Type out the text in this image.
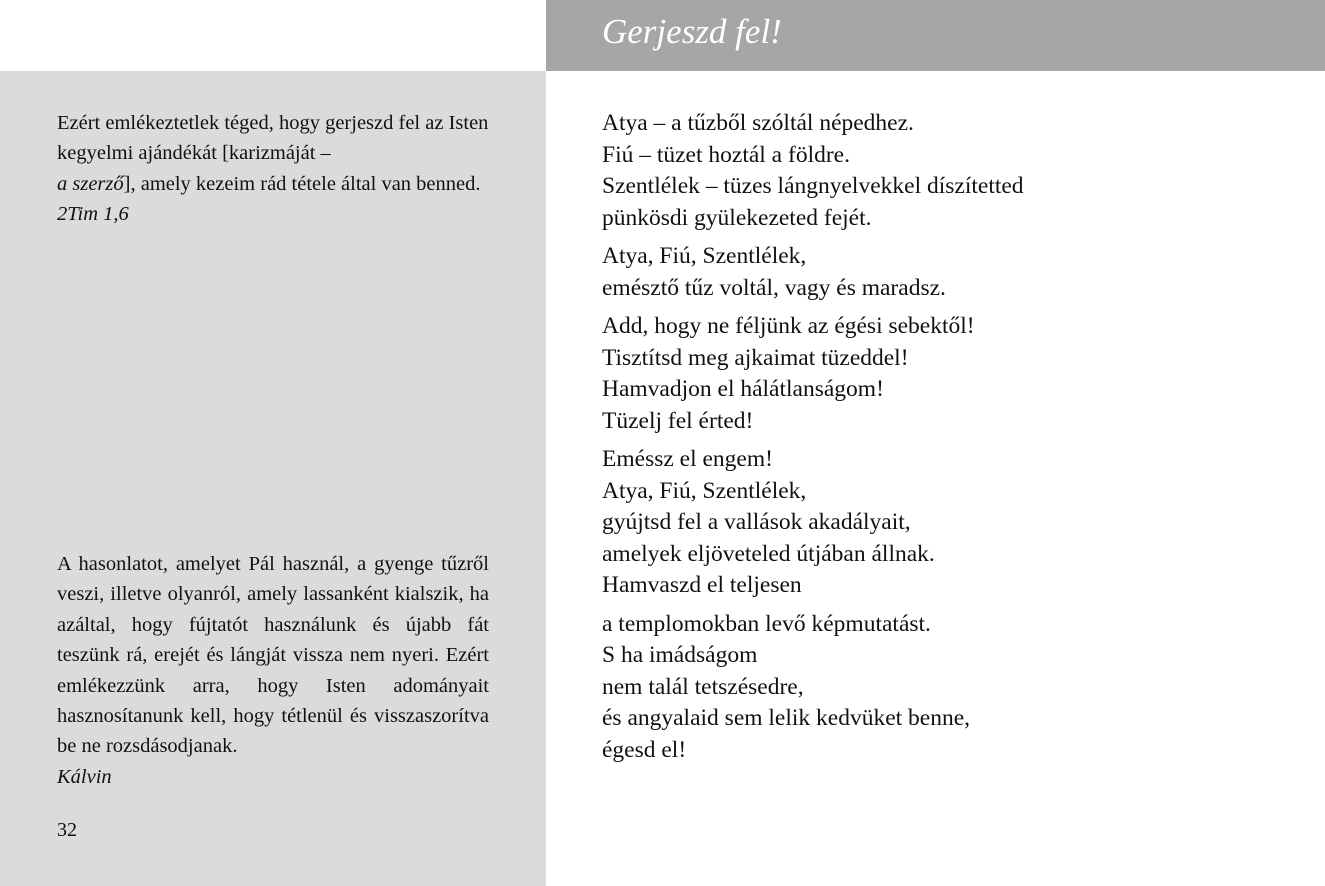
Gerjeszd fel!

Ezért emlékeztetlek téged, hogy gerjeszd fel az Isten kegyelmi ajándékát [karizmáját –
a szerző], amely kezeim rád tétele által van benned.
2Tim 1,6

A hasonlatot, amelyet Pál használ, a gyenge tűzről veszi, illetve olyanról, amely lassanként kialszik, ha azáltal, hogy fújtatót használunk és újabb fát teszünk rá, erejét és lángját vissza nem nyeri. Ezért emlékezzünk arra, hogy Isten adományait hasznosítanunk kell, hogy tétlenül és visszaszorítva be ne rozsdásodjanak.
Kálvin

32

Atya – a tűzből szóltál népedhez.
Fiú – tüzet hoztál a földre.
Szentlélek – tüzes lángnyelvekkel díszítetted
pünkösdi gyülekezeted fejét.

Atya, Fiú, Szentlélek,
emésztő tűz voltál, vagy és maradsz.

Add, hogy ne féljünk az égési sebektől!
Tisztítsd meg ajkaimat tüzeddel!
Hamvadjon el hálátlanságom!
Tüzelj fel érted!

Eméssz el engem!
Atya, Fiú, Szentlélek,
gyújtsd fel a vallások akadályait,
amelyek eljöveteled útjában állnak.
Hamvaszd el teljesen

a templomokban levő képmutatást.
S ha imádságom
nem talál tetszésedre,
és angyalaid sem lelik kedvüket benne,
égesd el!
